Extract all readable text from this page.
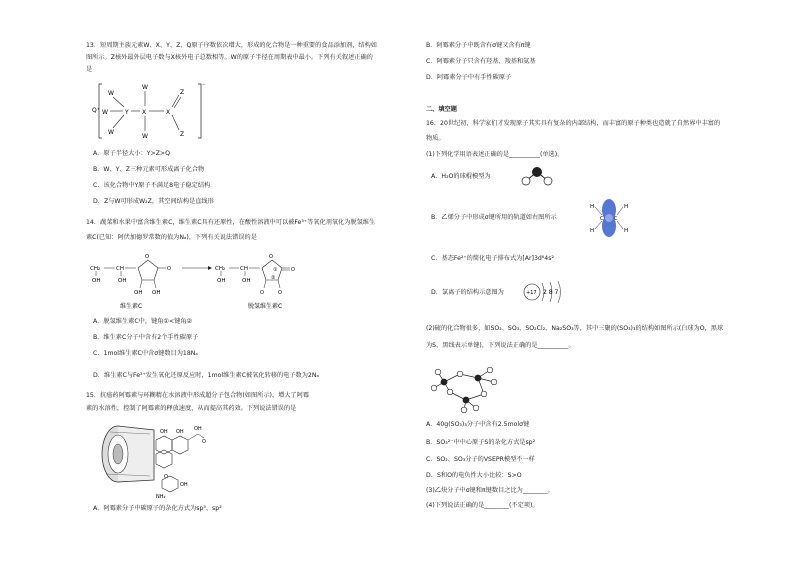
13．短周期主族元素W、X、Y、Z、Q原子序数依次增大，形成的化合物是一种重要的食品添加剂，结构如
图所示。Z核外最外层电子数与X核外电子总数相等。W的原子半径在周期表中最小。下列有关叙述正确的
是
Q⁺
⁻
W
W
W
W
W	Y X	X
Z
Z
A．原子半径大小：Y>Z>Q
B．W、Y、Z三种元素可形成离子化合物
C．该化合物中Y原子不满足8电子稳定结构
D．Z与W可形成W₂Z，其空间结构是直线形
14．蔬菜和水果中富含维生素C，维生素C具有还原性，在酸性溶液中可以被Fe³⁺等氧化剂氧化为脱氢维生
素C(已知：阿伏加德罗常数的值为Nₐ)，下列有关说法错误的是
CH₂	CH
OH	OH
O
O
OH OH
维生素C
CH₂	CH
OH	OH
O
①
②
O
O	O
脱氢维生素C
A．脱氢维生素C中，键角①<键角②
B．维生素C分子中含有2个手性碳原子
C．1mol维生素C中含σ键数目为18Nₐ
D．维生素C与Fe³⁺发生氧化还原反应时，1mol维生素C被氧化转移的电子数为2Nₐ
15．抗癌药阿霉素与环糊精在水溶液中形成超分子包合物(如图所示)，增大了阿霉
素的水溶性，控制了阿霉素的释放速度，从而提高其药效。下列说法错误的是
OH OH OH
O
O
NH₂
OH
A．阿霉素分子中碳原子的杂化方式为sp³、sp²
B．阿霉素分子中既含有σ键又含有π键
C．阿霉素分子只含有羟基、羧基和氨基
D．阿霉素分子中有手性碳原子
二、填空题
16．20世纪初，科学家们才发现原子其实具有复杂的内部结构，而丰富的原子种类也造就了自然界中丰富的
物质。
(1)下列化学用语表述正确的是__________(单选)。
A．H₂O的球棍模型为
B．乙烯分子中形成σ键所用的轨道如右图所示	C C
H
H
H
H
C．基态Fe²⁺的简化电子排布式为[Ar]3d⁶4s²
D．氯离子的结构示意图为	+17 2 8 7
(2)硫的化合物很多，如SO₂、SO₃、SO₂Cl₂、Na₂SO₃等，其中三聚的(SO₃)₃的结构如图所示(白球为O，黑球
为S，黑线表示单键)，下列说法正确的是__________。
A．40g(SO₃)₃分子中含有2.5molσ键
B．SO₃²⁻中中心原子S的杂化方式是sp²
C．SO₂、SO₃分子的VSEPR模型不一样
D．S和O的电负性大小比较：S>O
(3)乙炔分子中σ键和π键数目之比为________。
(4)下列说法正确的是________(不定项)。
